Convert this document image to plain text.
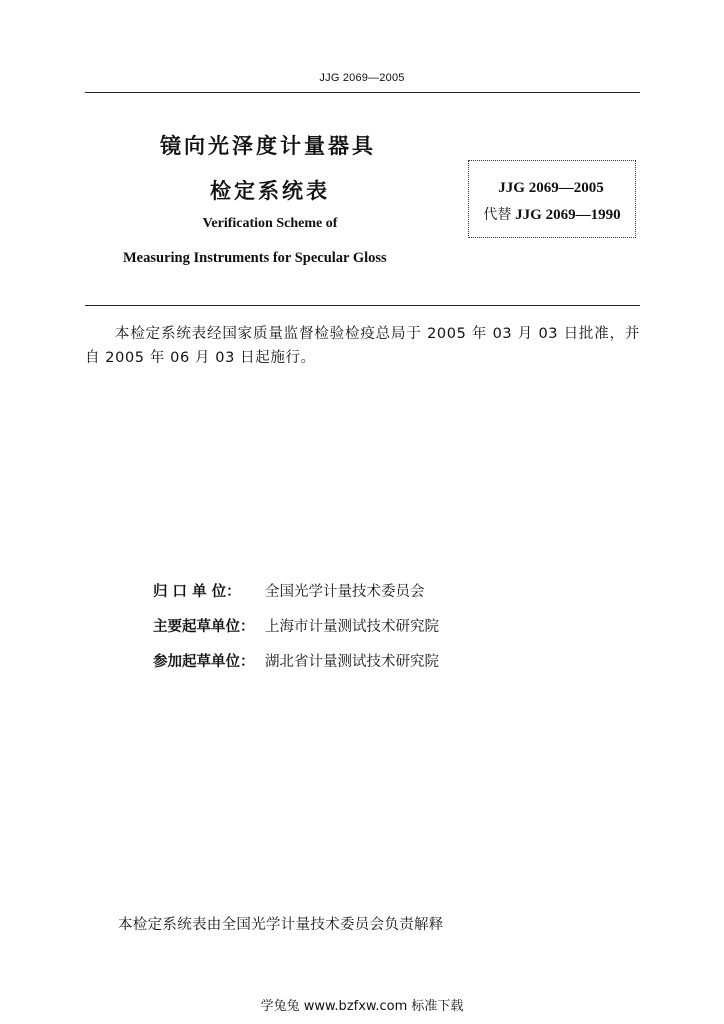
JJG 2069—2005
镜向光泽度计量器具
检定系统表
Verification Scheme of
Measuring Instruments for Specular Gloss
JJG 2069—2005
代替 JJG 2069—1990
本检定系统表经国家质量监督检验检疫总局于 2005 年 03 月 03 日批准，并自 2005 年 06 月 03 日起施行。
归 口 单 位： 全国光学计量技术委员会
主要起草单位： 上海市计量测试技术研究院
参加起草单位： 湖北省计量测试技术研究院
本检定系统表由全国光学计量技术委员会负责解释
学兔兔 www.bzfxw.com 标准下载
